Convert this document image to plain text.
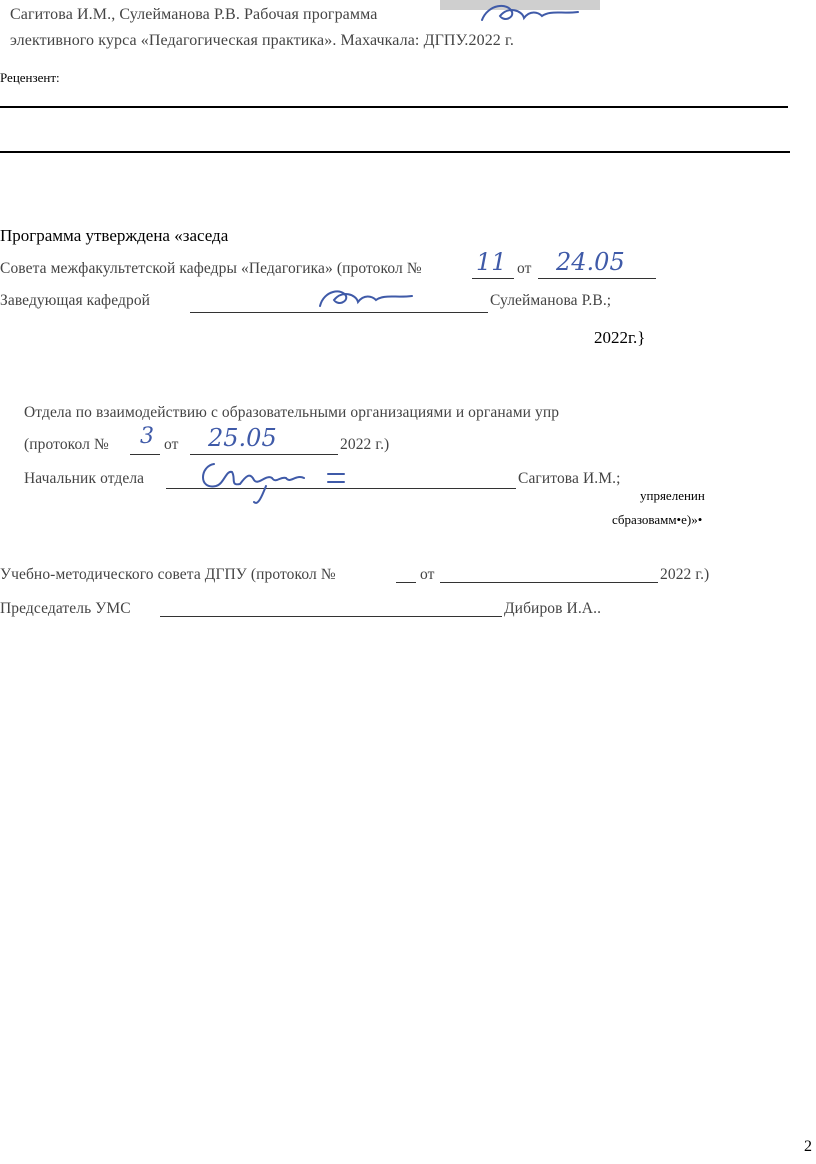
Сагитова И.М., Сулейманова Р.В. Рабочая программа
элективного курса «Педагогическая практика». Махачкала: ДГПУ.2022 г.
Рецензент:
Программа утверждена «заседа
Совета межфакультетской кафедры «Педагогика» (протокол № 11 от 24.05
Заведующая кафедрой	Сулейманова Р.В.;
2022г.}
Отдела по взаимодействию с образовательными организациями и органами упр
(протокол № 3 от 25.05	2022 г.)
Начальник отдела	Сагитова И.М.;
упряеленин
сбразовамм•е)»•
Учебно-методического совета ДГПУ (протокол №	от	2022 г.)
Председатель УМС	Дибиров И.А..
2
